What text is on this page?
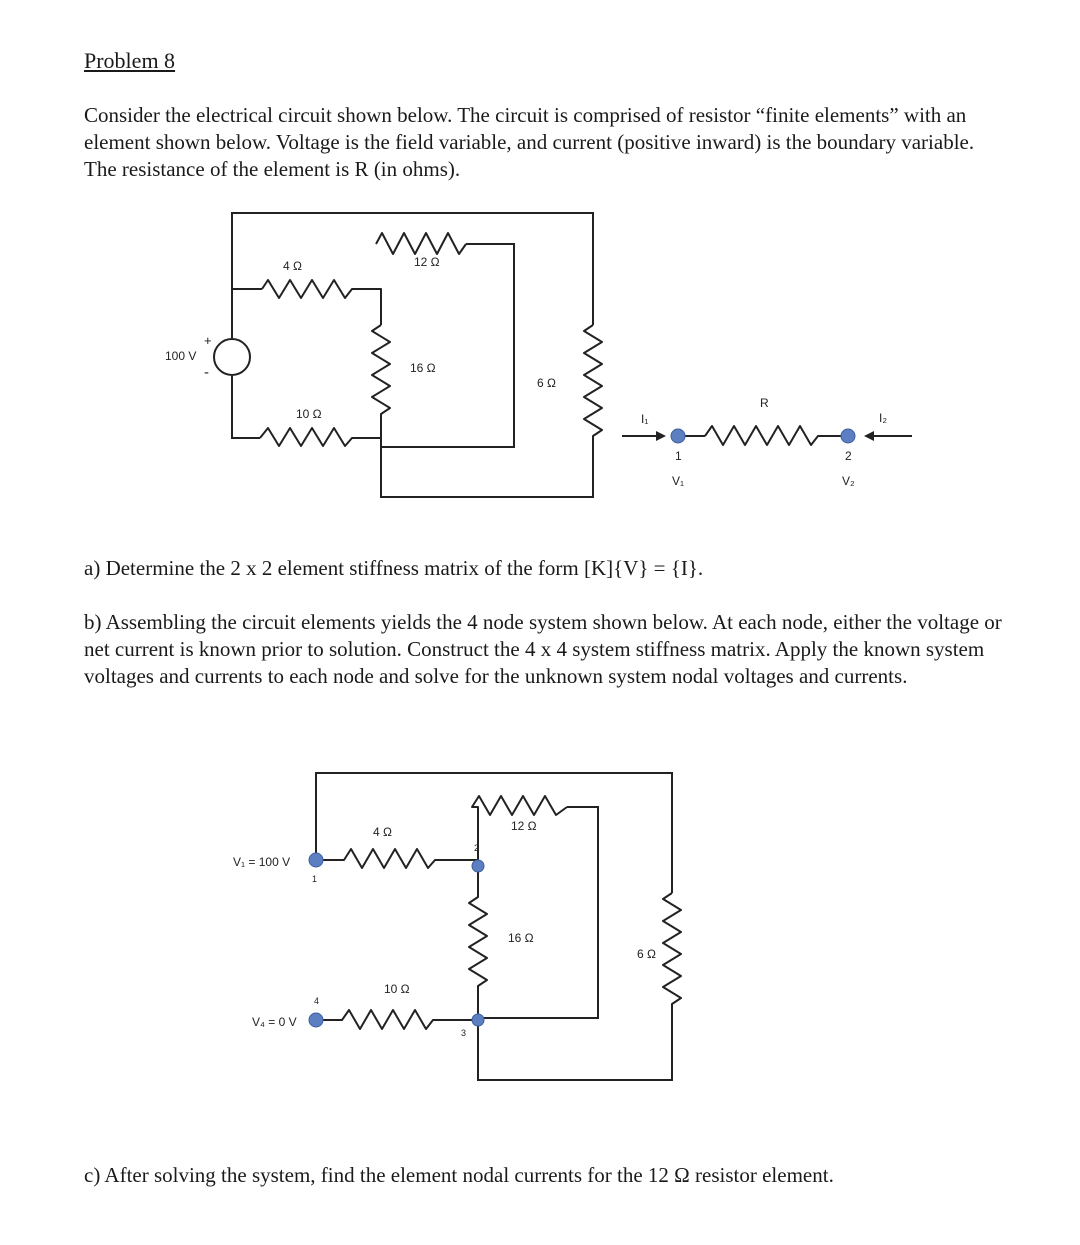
Problem 8

Consider the electrical circuit shown below. The circuit is comprised of resistor “finite elements” with an element shown below. Voltage is the field variable, and current (positive inward) is the boundary variable. The resistance of the element is R (in ohms).

100 V
+
-
4 Ω	12 Ω
16 Ω
6 Ω
10 Ω
R
I₁	I₂
1	2
V₁	V₂

a) Determine the 2 x 2 element stiffness matrix of the form [K]{V} = {I}.

b) Assembling the circuit elements yields the 4 node system shown below. At each node, either the voltage or net current is known prior to solution. Construct the 4 x 4 system stiffness matrix. Apply the known system voltages and currents to each node and solve for the unknown system nodal voltages and currents.

V₁ = 100 V
V₄ = 0 V
1
2
3
4
4 Ω	12 Ω
16 Ω
6 Ω
10 Ω

c) After solving the system, find the element nodal currents for the 12 Ω resistor element.
